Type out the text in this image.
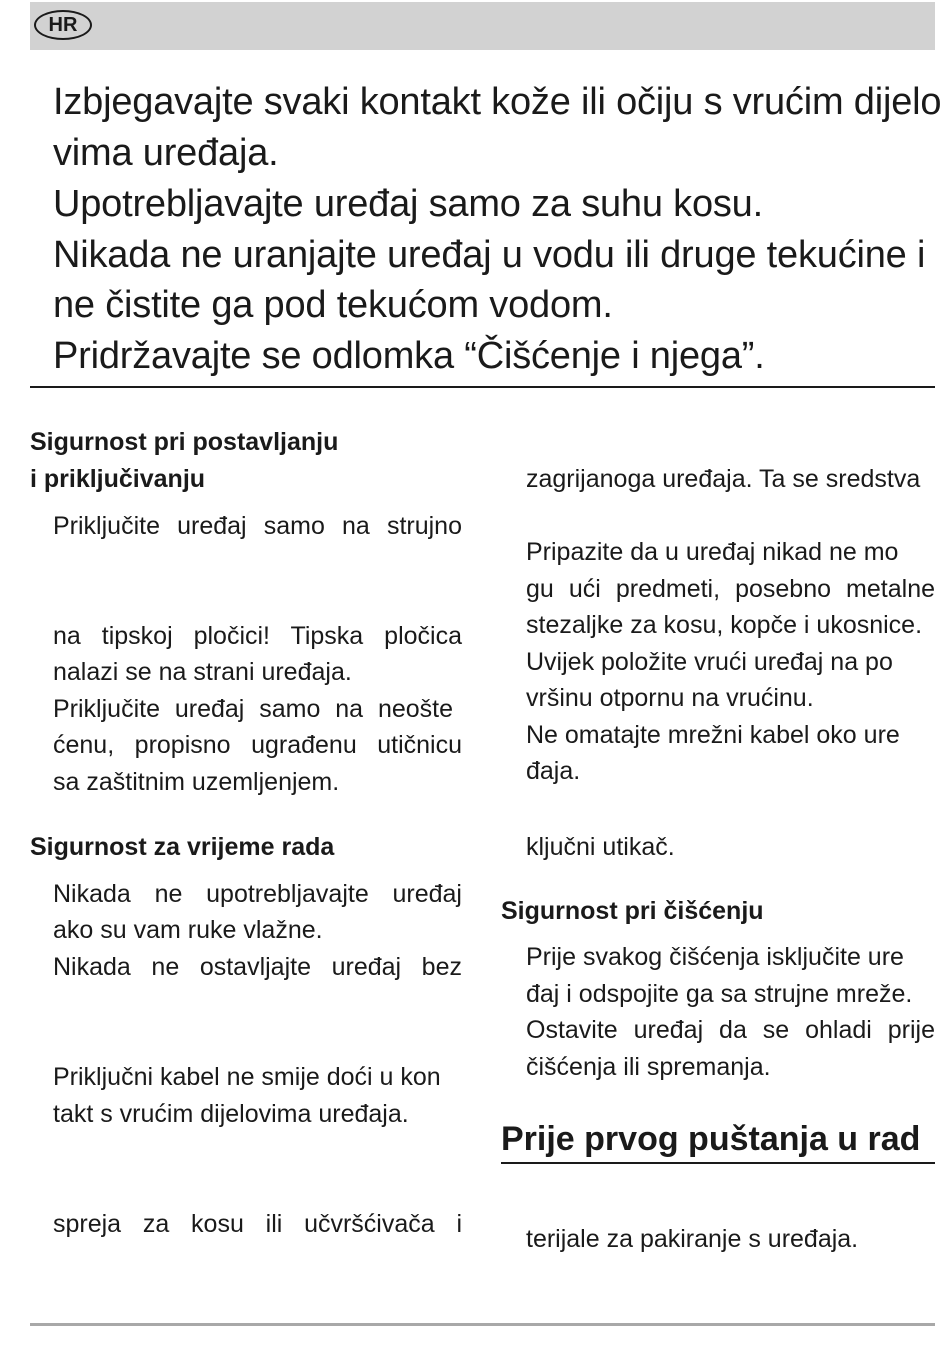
HR
Izbjegavajte svaki kontakt kože ili očiju s vrućim dijelo
vima uređaja.
Upotrebljavajte uređaj samo za suhu kosu.
Nikada ne uranjajte uređaj u vodu ili druge tekućine i
ne čistite ga pod tekućom vodom.
Pridržavajte se odlomka “Čišćenje i njega”.
Sigurnost pri postavljanju
i priključivanju
Priključite uređaj samo na strujno
na tipskoj pločici! Tipska pločica
nalazi se na strani uređaja.
Priključite uređaj samo na neošte
ćenu, propisno ugrađenu utičnicu
sa zaštitnim uzemljenjem.
Sigurnost za vrijeme rada
Nikada ne upotrebljavajte uređaj
ako su vam ruke vlažne.
Nikada ne ostavljajte uređaj bez
Priključni kabel ne smije doći u kon
takt s vrućim dijelovima uređaja.
spreja za kosu ili učvršćivača i
zagrijanoga uređaja. Ta se sredstva
Pripazite da u uređaj nikad ne mo
gu ući predmeti, posebno metalne
stezaljke za kosu, kopče i ukosnice.
Uvijek položite vrući uređaj na po
vršinu otpornu na vrućinu.
Ne omatajte mrežni kabel oko ure
đaja.
ključni utikač.
Sigurnost pri čišćenju
Prije svakog čišćenja isključite ure
đaj i odspojite ga sa strujne mreže.
Ostavite uređaj da se ohladi prije
čišćenja ili spremanja.
Prije prvog puštanja u rad
terijale za pakiranje s uređaja.
